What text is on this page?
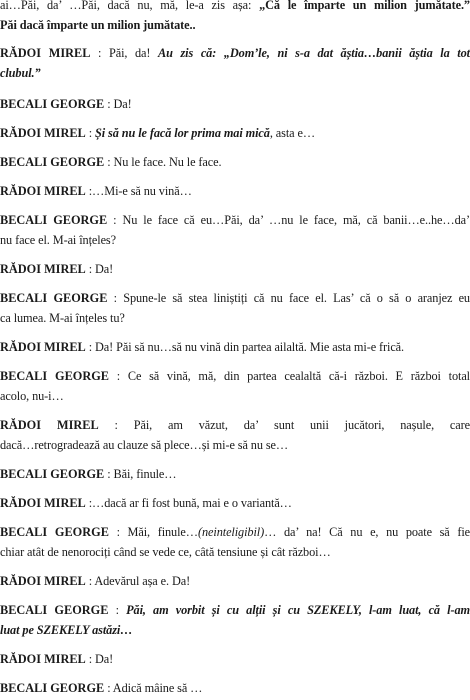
ai…Păi, da’ …Păi, dacă nu, mă, le-a zis așa: „Că le împarte un milion jumătate.”
Păi dacă împarte un milion jumătate..
RĂDOI MIREL : Păi, da! Au zis că: „Dom’le, ni s-a dat ăștia…banii ăștia la tot
clubul.”
BECALI GEORGE : Da!
RĂDOI MIREL : Și să nu le facă lor prima mai mică, asta e…
BECALI GEORGE : Nu le face. Nu le face.
RĂDOI MIREL :…Mi-e să nu vină…
BECALI GEORGE : Nu le face că eu…Păi, da’ …nu le face, mă, că banii…e..he…da’
nu face el. M-ai înțeles?
RĂDOI MIREL : Da!
BECALI GEORGE : Spune-le să stea liniștiți că nu face el. Las’ că o să o aranjez eu
ca lumea. M-ai înțeles tu?
RĂDOI MIREL : Da! Păi să nu…să nu vină din partea ailaltă. Mie asta mi-e frică.
BECALI GEORGE : Ce să vină, mă, din partea cealaltă că-i război. E război total
acolo, nu-i…
RĂDOI MIREL : Păi, am văzut, da’ sunt unii jucători, nașule, care
dacă…retrogradează au clauze să plece…și mi-e să nu se…
BECALI GEORGE : Băi, finule…
RĂDOI MIREL :…dacă ar fi fost bună, mai e o variantă…
BECALI GEORGE : Măi, finule…(neinteligibil)… da’ na! Că nu e, nu poate să fie
chiar atât de nenorociți când se vede ce, câtă tensiune și cât război…
RĂDOI MIREL : Adevărul așa e. Da!
BECALI GEORGE : Păi, am vorbit și cu alții și cu SZEKELY, l-am luat, că l-am
luat pe SZEKELY astăzi…
RĂDOI MIREL : Da!
BECALI GEORGE : Adică mâine să …
